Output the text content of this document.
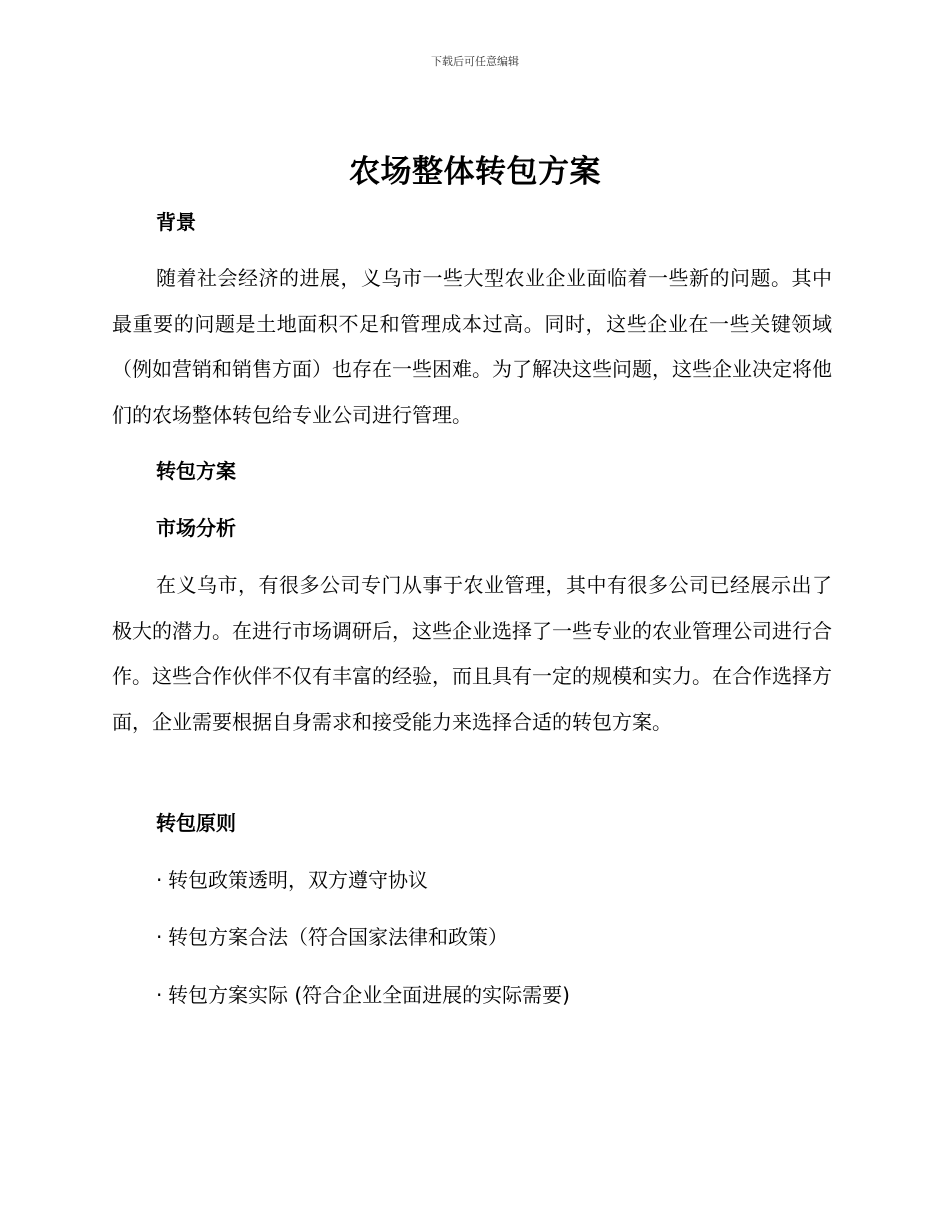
下载后可任意编辑
农场整体转包方案
背景
随着社会经济的进展，义乌市一些大型农业企业面临着一些新的问题。其中最重要的问题是土地面积不足和管理成本过高。同时，这些企业在一些关键领域（例如营销和销售方面）也存在一些困难。为了解决这些问题，这些企业决定将他们的农场整体转包给专业公司进行管理。
转包方案
市场分析
在义乌市，有很多公司专门从事于农业管理，其中有很多公司已经展示出了极大的潜力。在进行市场调研后，这些企业选择了一些专业的农业管理公司进行合作。这些合作伙伴不仅有丰富的经验，而且具有一定的规模和实力。在合作选择方面，企业需要根据自身需求和接受能力来选择合适的转包方案。
转包原则
· 转包政策透明，双方遵守协议
· 转包方案合法（符合国家法律和政策）
· 转包方案实际 (符合企业全面进展的实际需要)
